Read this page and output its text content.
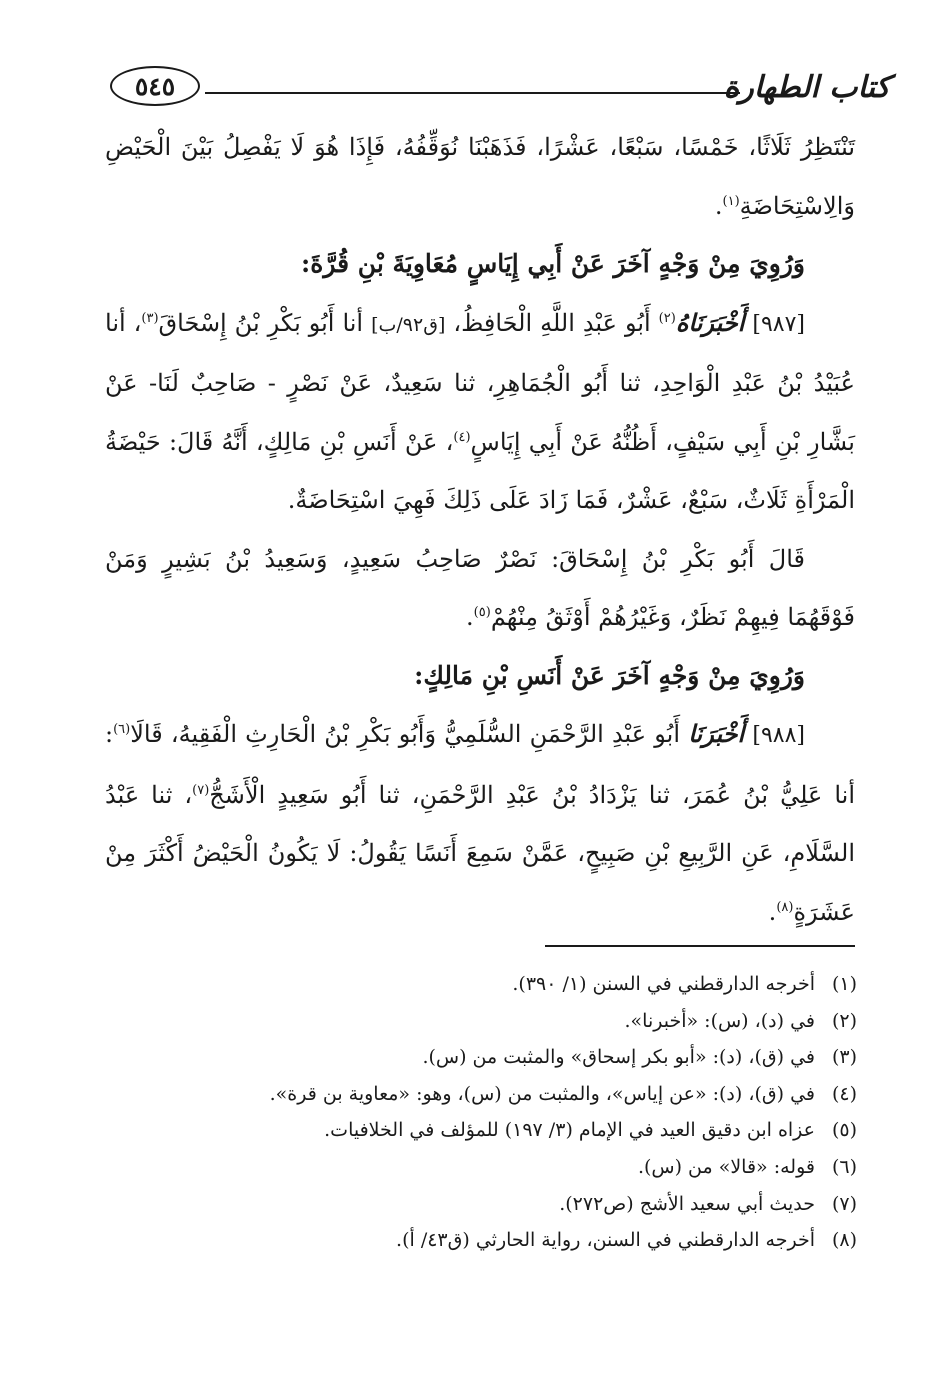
كتاب الطهارة
٥٤٥

تَنْتَظِرُ ثَلَاثًا، خَمْسًا، سَبْعًا، عَشْرًا، فَذَهَبْنَا نُوَقِّفُهُ، فَإِذَا هُوَ لَا يَفْصِلُ بَيْنَ الْحَيْضِ وَالِاسْتِحَاضَةِ$^{(١)}$.

وَرُوِيَ مِنْ وَجْهٍ آخَرَ عَنْ أَبِي إِيَاسٍ مُعَاوِيَةَ بْنِ قُرَّةَ:

[٩٨٧] أَخْبَرَنَاهُ$^{(٢)}$ أَبُو عَبْدِ اللَّهِ الْحَافِظُ، [ق٩٢/ب] أنا أَبُو بَكْرِ بْنُ إِسْحَاقَ$^{(٣)}$، أنا عُبَيْدُ بْنُ عَبْدِ الْوَاحِدِ، ثنا أَبُو الْجُمَاهِرِ، ثنا سَعِيدٌ، عَنْ نَصْرٍ - صَاحِبٌ لَنَا- عَنْ بَشَّارِ بْنِ أَبِي سَيْفٍ، أَظُنُّهُ عَنْ أَبِي إِيَاسٍ$^{(٤)}$، عَنْ أَنَسِ بْنِ مَالِكٍ، أَنَّهُ قَالَ: حَيْضَةُ الْمَرْأَةِ ثَلَاثٌ، سَبْعٌ، عَشْرٌ، فَمَا زَادَ عَلَى ذَلِكَ فَهِيَ اسْتِحَاضَةٌ.

قَالَ أَبُو بَكْرِ بْنُ إِسْحَاقَ: نَصْرٌ صَاحِبُ سَعِيدٍ، وَسَعِيدُ بْنُ بَشِيرٍ وَمَنْ فَوْقَهُمَا فِيهِمْ نَظَرٌ، وَغَيْرُهُمْ أَوْثَقُ مِنْهُمْ$^{(٥)}$.

وَرُوِيَ مِنْ وَجْهٍ آخَرَ عَنْ أَنَسِ بْنِ مَالِكٍ:

[٩٨٨] أَخْبَرَنَا أَبُو عَبْدِ الرَّحْمَنِ السُّلَمِيُّ وَأَبُو بَكْرِ بْنُ الْحَارِثِ الْفَقِيهُ، قَالَا$^{(٦)}$: أنا عَلِيُّ بْنُ عُمَرَ، ثنا يَزْدَادُ بْنُ عَبْدِ الرَّحْمَنِ، ثنا أَبُو سَعِيدٍ الْأَشَجُّ$^{(٧)}$، ثنا عَبْدُ السَّلَامِ، عَنِ الرَّبِيعِ بْنِ صَبِيحٍ، عَمَّنْ سَمِعَ أَنَسًا يَقُولُ: لَا يَكُونُ الْحَيْضُ أَكْثَرَ مِنْ عَشَرَةٍ$^{(٨)}$.

(١)أخرجه الدارقطني في السنن (١/ ٣٩٠).
(٢)في (د)، (س): «أخبرنا».
(٣)في (ق)، (د): «أبو بكر إسحاق» والمثبت من (س).
(٤)في (ق)، (د): «عن إياس»، والمثبت من (س)، وهو: «معاوية بن قرة».
(٥)عزاه ابن دقيق العيد في الإمام (٣/ ١٩٧) للمؤلف في الخلافيات.
(٦)قوله: «قالا» من (س).
(٧)حديث أبي سعيد الأشج (ص٢٧٢).
(٨)أخرجه الدارقطني في السنن، رواية الحارثي (ق٤٣/ أ).
